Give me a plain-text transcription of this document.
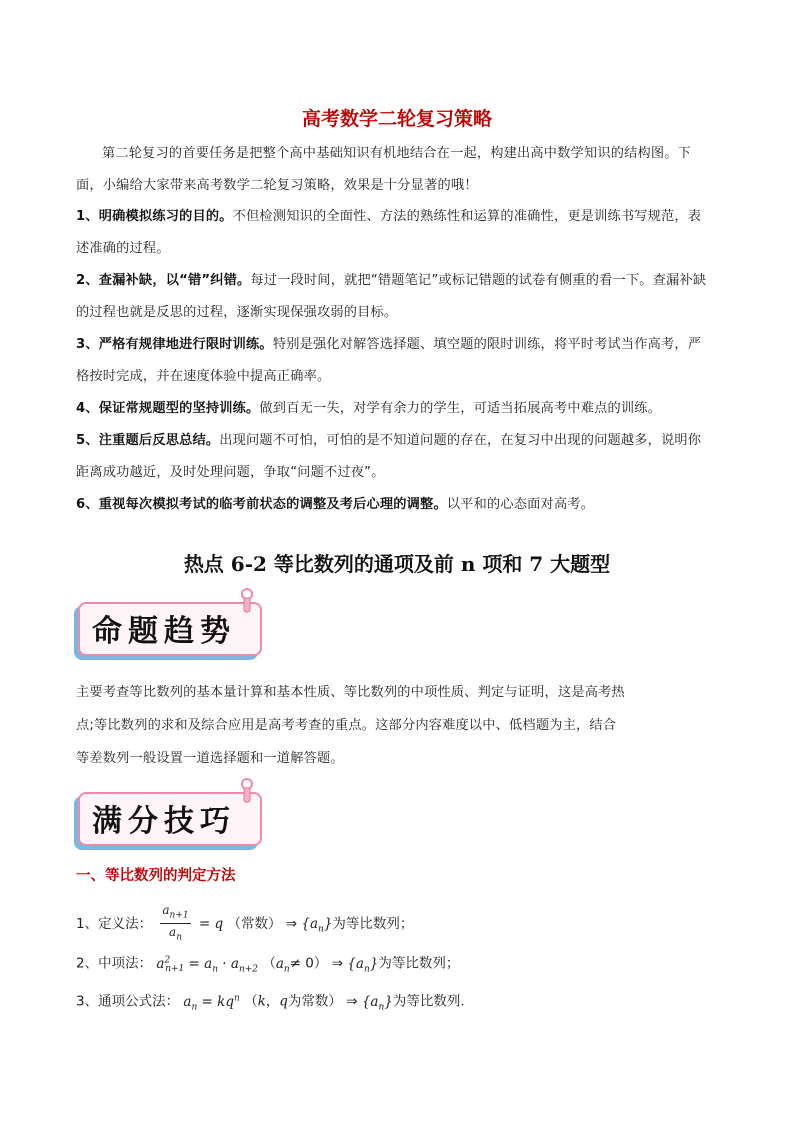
高考数学二轮复习策略
第二轮复习的首要任务是把整个高中基础知识有机地结合在一起，构建出高中数学知识的结构图。下
面，小编给大家带来高考数学二轮复习策略，效果是十分显著的哦！
1、明确模拟练习的目的。不但检测知识的全面性、方法的熟练性和运算的准确性，更是训练书写规范，表
述准确的过程。
2、查漏补缺，以“错”纠错。每过一段时间，就把“错题笔记”或标记错题的试卷有侧重的看一下。查漏补缺
的过程也就是反思的过程，逐渐实现保强攻弱的目标。
3、严格有规律地进行限时训练。特别是强化对解答选择题、填空题的限时训练，将平时考试当作高考，严
格按时完成，并在速度体验中提高正确率。
4、保证常规题型的坚持训练。做到百无一失，对学有余力的学生，可适当拓展高考中难点的训练。
5、注重题后反思总结。出现问题不可怕，可怕的是不知道问题的存在，在复习中出现的问题越多，说明你
距离成功越近，及时处理问题，争取“问题不过夜”。
6、重视每次模拟考试的临考前状态的调整及考后心理的调整。以平和的心态面对高考。
热点 6-2 等比数列的通项及前 n 项和 7 大题型
命题趋势
主要考查等比数列的基本量计算和基本性质、等比数列的中项性质、判定与证明，这是高考热
点;等比数列的求和及综合应用是高考考查的重点。这部分内容难度以中、低档题为主，结合
等差数列一般设置一道选择题和一道解答题。
满分技巧
一、等比数列的判定方法
1、定义法： $\frac{a_{n+1}}{a_n} = q$ （常数） ⇒ $\{a_n\}$为等比数列；
2、中项法： $a^2_{n+1} = a_n \cdot a_{n+2}$ $(a_n\ne 0)$ ⇒ $\{a_n\}$为等比数列；
3、通项公式法： $a_n = kq^n$ （k，q为常数） ⇒ $\{a_n\}$为等比数列.
